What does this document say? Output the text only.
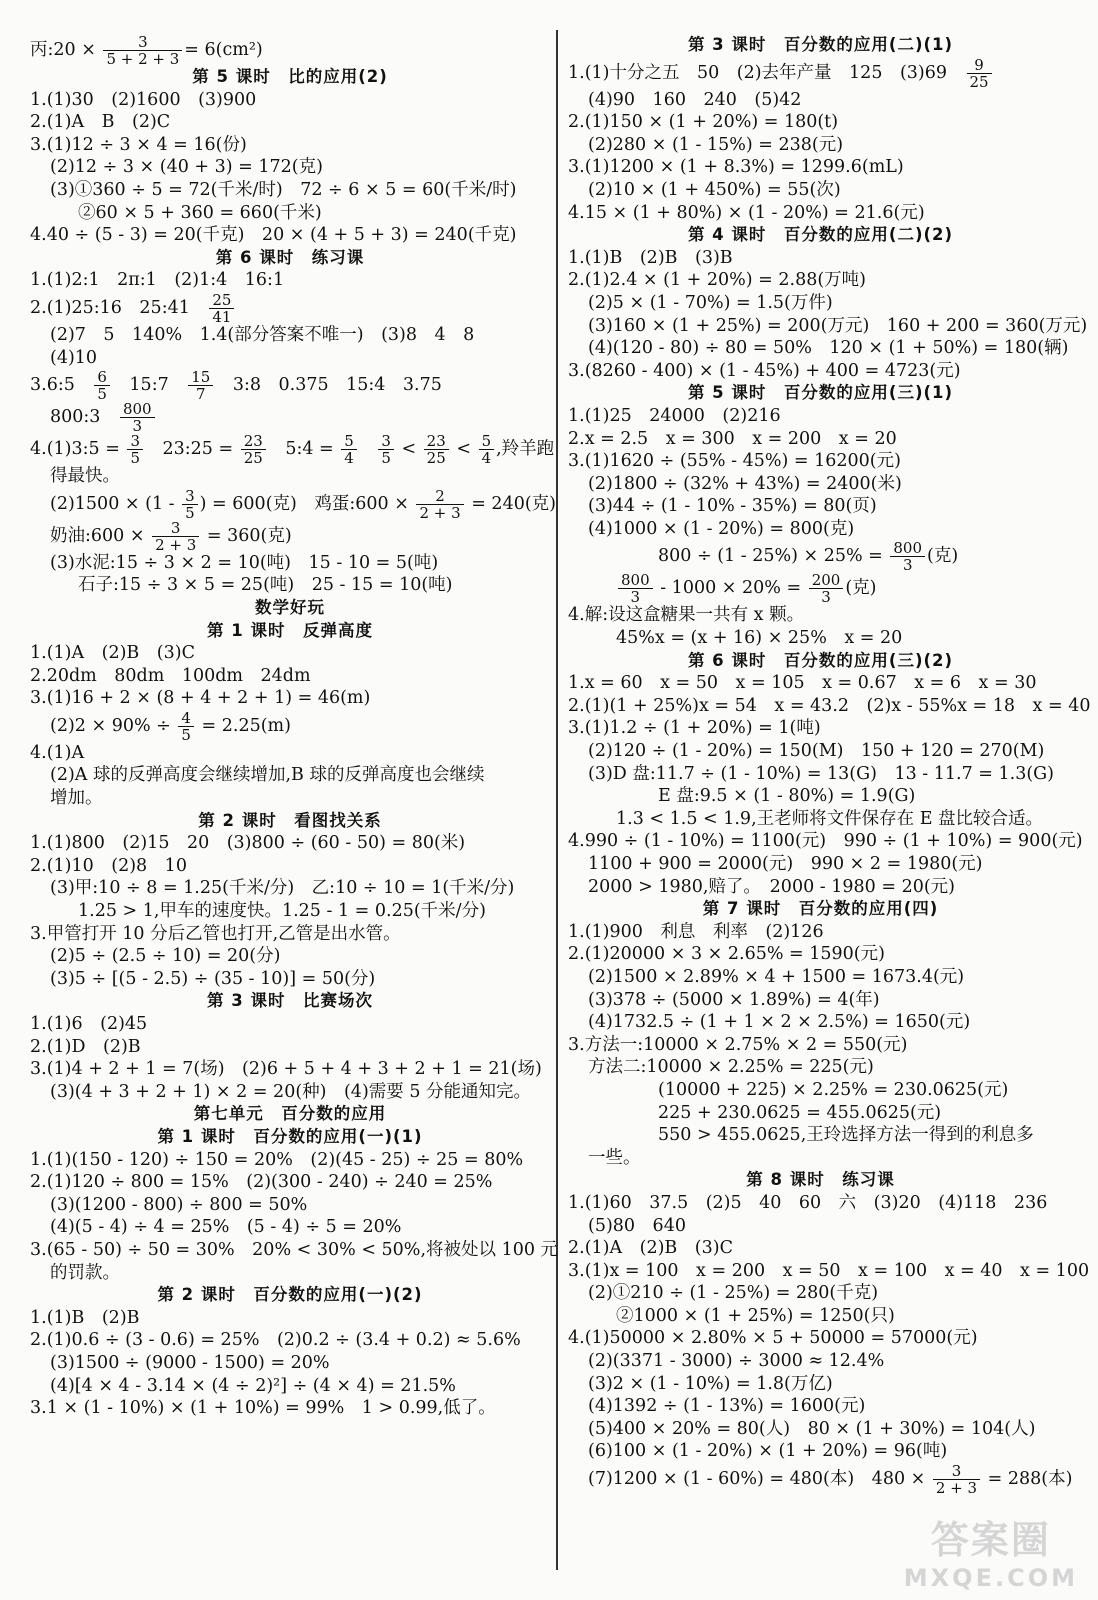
丙:20 × $\frac{3}{5 + 2 + 3} = 6(cm^2)$
第 5 课时　比的应用(2)
1.(1)30　(2)1600　(3)900
2.(1)A　B　(2)C
3.(1)12 ÷ 3 × 4 = 16(份)
(2)12 ÷ 3 × (40 + 3) = 172(克)
(3)①360 ÷ 5 = 72(千米/时)　72 ÷ 6 × 5 = 60(千米/时)
②60 × 5 + 360 = 660(千米)
4.40 ÷ (5 - 3) = 20(千克)　20 × (4 + 5 + 3) = 240(千克)
第 6 课时　练习课
1.(1)2:1　2π:1　(2)1:4　16:1
2.(1)25:16　25:41　 $\frac{25}{41}$
(2)7　5　140%　1.4(部分答案不唯一)　(3)8　4　8
(4)10
3.6:5　 $\frac{6}{5}$ 　15:7　 $\frac{15}{7}$ 　3:8　0.375　15:4　3.75
800:3　 $\frac{800}{3}$
4.(1)3:5 = $\frac{3}{5}$ 　23:25 = $\frac{23}{25}$ 　5:4 = $\frac{5}{4}$
　 $\frac{3}{5} < \frac{23}{25} < \frac{5}{4}$ ,羚羊跑
得最快。
$(2)1500 \times (1 - \frac{3}{5}$ ) = 600(克)　鸡蛋:600 × $\frac{2}{2 + 3} = 240$(克)
奶油:600 × $\frac{3}{2 + 3} = 360$(克)
(3)水泥:15 ÷ 3 × 2 = 10(吨)　15 - 10 = 5(吨)
石子:15 ÷ 3 × 5 = 25(吨)　25 - 15 = 10(吨)
数学好玩
第 1 课时　反弹高度
1.(1)A　(2)B　(3)C
2.20dm　80dm　100dm　24dm
3.(1)16 + 2 × (8 + 4 + 2 + 1) = 46(m)
$(2)2 \times 90\% \div \frac{4}{5} = 2.25(m)$
4.(1)A
(2)A 球的反弹高度会继续增加,B 球的反弹高度也会继续
增加。
第 2 课时　看图找关系
1.(1)800　(2)15　20　(3)800 ÷ (60 - 50) = 80(米)
2.(1)10　(2)8　10
(3)甲:10 ÷ 8 = 1.25(千米/分)　乙:10 ÷ 10 = 1(千米/分)
1.25 > 1,甲车的速度快。1.25 - 1 = 0.25(千米/分)
3.甲管打开 10 分后乙管也打开,乙管是出水管。
(2)5 ÷ (2.5 ÷ 10) = 20(分)
(3)5 ÷ [(5 - 2.5) ÷ (35 - 10)] = 50(分)
第 3 课时　比赛场次
1.(1)6　(2)45
2.(1)D　(2)B
3.(1)4 + 2 + 1 = 7(场)　(2)6 + 5 + 4 + 3 + 2 + 1 = 21(场)
(3)(4 + 3 + 2 + 1) × 2 = 20(种)　(4)需要 5 分能通知完。
第七单元　百分数的应用
第 1 课时　百分数的应用(一)(1)
1.(1)(150 - 120) ÷ 150 = 20%　(2)(45 - 25) ÷ 25 = 80%
2.(1)120 ÷ 800 = 15%　(2)(300 - 240) ÷ 240 = 25%
(3)(1200 - 800) ÷ 800 = 50%
(4)(5 - 4) ÷ 4 = 25%　(5 - 4) ÷ 5 = 20%
3.(65 - 50) ÷ 50 = 30%　20% < 30% < 50%,将被处以 100 元
的罚款。
第 2 课时　百分数的应用(一)(2)
1.(1)B　(2)B
2.(1)0.6 ÷ (3 - 0.6) = 25%　(2)0.2 ÷ (3.4 + 0.2) ≈ 5.6%
(3)1500 ÷ (9000 - 1500) = 20%
(4)[4 × 4 - 3.14 × (4 ÷ 2)²] ÷ (4 × 4) = 21.5%
3.1 × (1 - 10%) × (1 + 10%) = 99%　1 > 0.99,低了。
第 3 课时　百分数的应用(二)(1)
1.(1)十分之五　50　(2)去年产量　125　(3)69　 $\frac{9}{25}$
(4)90　160　240　(5)42
2.(1)150 × (1 + 20%) = 180(t)
(2)280 × (1 - 15%) = 238(元)
3.(1)1200 × (1 + 8.3%) = 1299.6(mL)
(2)10 × (1 + 450%) = 55(次)
4.15 × (1 + 80%) × (1 - 20%) = 21.6(元)
第 4 课时　百分数的应用(二)(2)
1.(1)B　(2)B　(3)B
2.(1)2.4 × (1 + 20%) = 2.88(万吨)
(2)5 × (1 - 70%) = 1.5(万件)
(3)160 × (1 + 25%) = 200(万元)　160 + 200 = 360(万元)
(4)(120 - 80) ÷ 80 = 50%　120 × (1 + 50%) = 180(辆)
3.(8260 - 400) × (1 - 45%) + 400 = 4723(元)
第 5 课时　百分数的应用(三)(1)
1.(1)25　24000　(2)216
2.x = 2.5　x = 300　x = 200　x = 20
3.(1)1620 ÷ (55% - 45%) = 16200(元)
(2)1800 ÷ (32% + 43%) = 2400(米)
(3)44 ÷ (1 - 10% - 35%) = 80(页)
(4)1000 × (1 - 20%) = 800(克)
$800 \div (1 - 25\%) \times 25\% = \frac{800}{3}$ (克)
$\frac{800}{3} - 1000 \times 20\% = \frac{200}{3}$ (克)
4.解:设这盒糖果一共有 x 颗。
45%x = (x + 16) × 25%　x = 20
第 6 课时　百分数的应用(三)(2)
1.x = 60　x = 50　x = 105　x = 0.67　x = 6　x = 30
2.(1)(1 + 25%)x = 54　x = 43.2　(2)x - 55%x = 18　x = 40
3.(1)1.2 ÷ (1 + 20%) = 1(吨)
(2)120 ÷ (1 - 20%) = 150(M)　150 + 120 = 270(M)
(3)D 盘:11.7 ÷ (1 - 10%) = 13(G)　13 - 11.7 = 1.3(G)
E 盘:9.5 × (1 - 80%) = 1.9(G)
1.3 < 1.5 < 1.9,王老师将文件保存在 E 盘比较合适。
4.990 ÷ (1 - 10%) = 1100(元)　990 ÷ (1 + 10%) = 900(元)
1100 + 900 = 2000(元)　990 × 2 = 1980(元)
2000 > 1980,赔了。　2000 - 1980 = 20(元)
第 7 课时　百分数的应用(四)
1.(1)900　利息　利率　(2)126
2.(1)20000 × 3 × 2.65% = 1590(元)
(2)1500 × 2.89% × 4 + 1500 = 1673.4(元)
(3)378 ÷ (5000 × 1.89%) = 4(年)
(4)1732.5 ÷ (1 + 1 × 2 × 2.5%) = 1650(元)
3.方法一:10000 × 2.75% × 2 = 550(元)
方法二:10000 × 2.25% = 225(元)
(10000 + 225) × 2.25% = 230.0625(元)
225 + 230.0625 = 455.0625(元)
550 > 455.0625,王玲选择方法一得到的利息多
一些。
第 8 课时　练习课
1.(1)60　37.5　(2)5　40　60　六　(3)20　(4)118　236
(5)80　640
2.(1)A　(2)B　(3)C
3.(1)x = 100　x = 200　x = 50　x = 100　x = 40　x = 100
(2)①210 ÷ (1 - 25%) = 280(千克)
②1000 × (1 + 25%) = 1250(只)
4.(1)50000 × 2.80% × 5 + 50000 = 57000(元)
(2)(3371 - 3000) ÷ 3000 ≈ 12.4%
(3)2 × (1 - 10%) = 1.8(万亿)
(4)1392 ÷ (1 - 13%) = 1600(元)
(5)400 × 20% = 80(人)　80 × (1 + 30%) = 104(人)
(6)100 × (1 - 20%) × (1 + 20%) = 96(吨)
(7)1200 × (1 - 60%) = 480(本)　$480 \times \frac{3}{2 + 3} = 288$(本)
答案圈
MXQE.COM
